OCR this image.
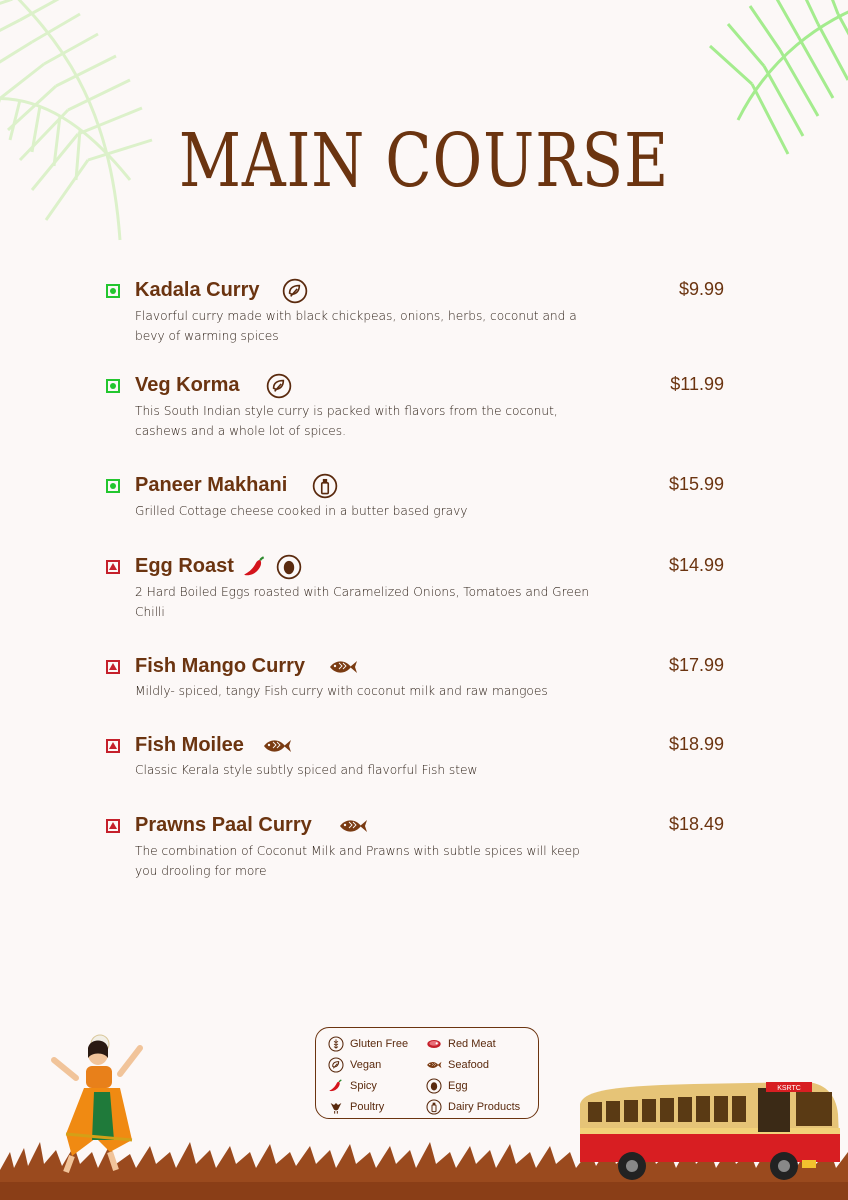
MAIN COURSE
Kadala Curry	$9.99
Flavorful curry made with black chickpeas, onions, herbs, coconut and a bevy of warming spices
Veg Korma	$11.99
This South Indian style curry is packed with flavors from the coconut, cashews and a whole lot of spices.
Paneer Makhani	$15.99
Grilled Cottage cheese cooked in a butter based gravy
Egg Roast	$14.99
2 Hard Boiled Eggs roasted with Caramelized Onions, Tomatoes and Green Chilli
Fish Mango Curry	$17.99
Mildly- spiced, tangy Fish curry with coconut milk and raw mangoes
Fish Moilee	$18.99
Classic Kerala style subtly spiced and flavorful Fish stew
Prawns Paal Curry	$18.49
The combination of Coconut Milk and Prawns with subtle spices will keep you drooling for more
Gluten Free
Vegan
Spicy
Poultry
Red Meat
Seafood
Egg
Dairy Products
KSRTC
